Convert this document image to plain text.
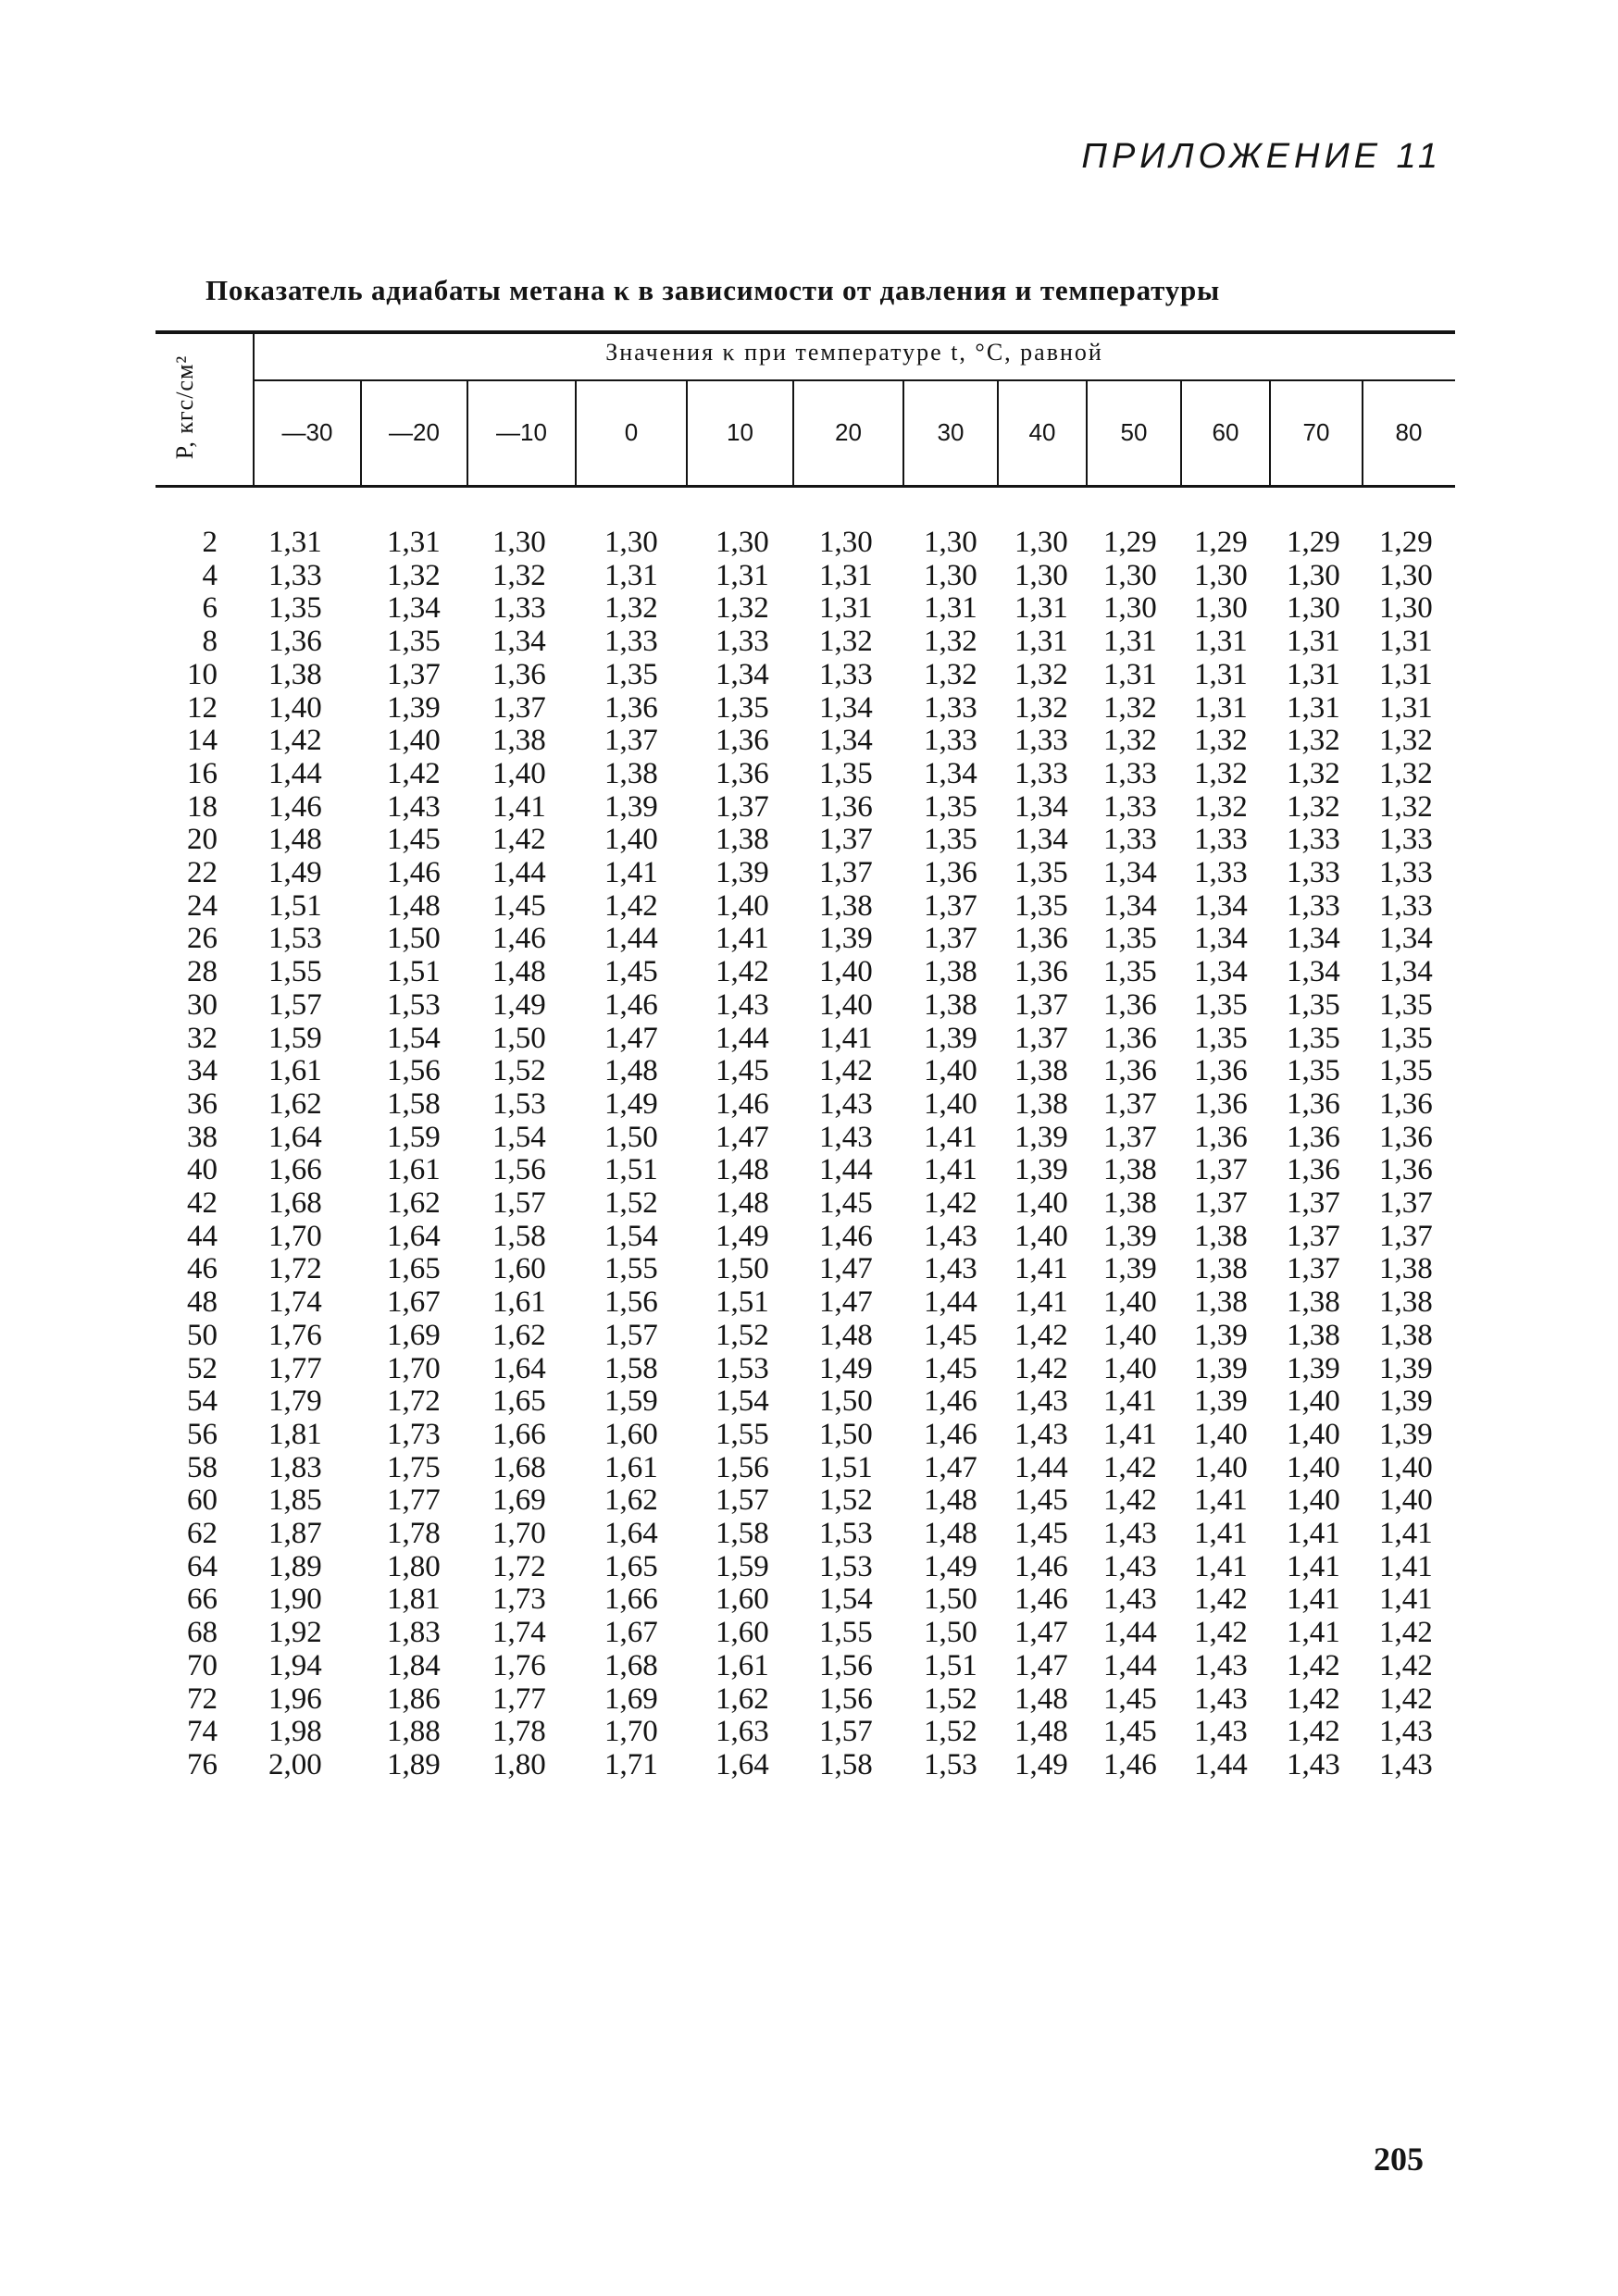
ПРИЛОЖЕНИЕ 11
Показатель адиабаты метана κ в зависимости от давления и температуры
P, кгс/см²
Значения κ при температуре t, °C, равной
—30	—20	—10	0	10	20	30	40	50	60	70	80
2 1,31 1,31 1,30 1,30 1,30 1,30 1,30 1,30 1,29 1,29 1,29 1,29
4 1,33 1,32 1,32 1,31 1,31 1,31 1,30 1,30 1,30 1,30 1,30 1,30
6 1,35 1,34 1,33 1,32 1,32 1,31 1,31 1,31 1,30 1,30 1,30 1,30
8 1,36 1,35 1,34 1,33 1,33 1,32 1,32 1,31 1,31 1,31 1,31 1,31
10 1,38 1,37 1,36 1,35 1,34 1,33 1,32 1,32 1,31 1,31 1,31 1,31
12 1,40 1,39 1,37 1,36 1,35 1,34 1,33 1,32 1,32 1,31 1,31 1,31
14 1,42 1,40 1,38 1,37 1,36 1,34 1,33 1,33 1,32 1,32 1,32 1,32
16 1,44 1,42 1,40 1,38 1,36 1,35 1,34 1,33 1,33 1,32 1,32 1,32
18 1,46 1,43 1,41 1,39 1,37 1,36 1,35 1,34 1,33 1,32 1,32 1,32
20 1,48 1,45 1,42 1,40 1,38 1,37 1,35 1,34 1,33 1,33 1,33 1,33
22 1,49 1,46 1,44 1,41 1,39 1,37 1,36 1,35 1,34 1,33 1,33 1,33
24 1,51 1,48 1,45 1,42 1,40 1,38 1,37 1,35 1,34 1,34 1,33 1,33
26 1,53 1,50 1,46 1,44 1,41 1,39 1,37 1,36 1,35 1,34 1,34 1,34
28 1,55 1,51 1,48 1,45 1,42 1,40 1,38 1,36 1,35 1,34 1,34 1,34
30 1,57 1,53 1,49 1,46 1,43 1,40 1,38 1,37 1,36 1,35 1,35 1,35
32 1,59 1,54 1,50 1,47 1,44 1,41 1,39 1,37 1,36 1,35 1,35 1,35
34 1,61 1,56 1,52 1,48 1,45 1,42 1,40 1,38 1,36 1,36 1,35 1,35
36 1,62 1,58 1,53 1,49 1,46 1,43 1,40 1,38 1,37 1,36 1,36 1,36
38 1,64 1,59 1,54 1,50 1,47 1,43 1,41 1,39 1,37 1,36 1,36 1,36
40 1,66 1,61 1,56 1,51 1,48 1,44 1,41 1,39 1,38 1,37 1,36 1,36
42 1,68 1,62 1,57 1,52 1,48 1,45 1,42 1,40 1,38 1,37 1,37 1,37
44 1,70 1,64 1,58 1,54 1,49 1,46 1,43 1,40 1,39 1,38 1,37 1,37
46 1,72 1,65 1,60 1,55 1,50 1,47 1,43 1,41 1,39 1,38 1,37 1,38
48 1,74 1,67 1,61 1,56 1,51 1,47 1,44 1,41 1,40 1,38 1,38 1,38
50 1,76 1,69 1,62 1,57 1,52 1,48 1,45 1,42 1,40 1,39 1,38 1,38
52 1,77 1,70 1,64 1,58 1,53 1,49 1,45 1,42 1,40 1,39 1,39 1,39
54 1,79 1,72 1,65 1,59 1,54 1,50 1,46 1,43 1,41 1,39 1,40 1,39
56 1,81 1,73 1,66 1,60 1,55 1,50 1,46 1,43 1,41 1,40 1,40 1,39
58 1,83 1,75 1,68 1,61 1,56 1,51 1,47 1,44 1,42 1,40 1,40 1,40
60 1,85 1,77 1,69 1,62 1,57 1,52 1,48 1,45 1,42 1,41 1,40 1,40
62 1,87 1,78 1,70 1,64 1,58 1,53 1,48 1,45 1,43 1,41 1,41 1,41
64 1,89 1,80 1,72 1,65 1,59 1,53 1,49 1,46 1,43 1,41 1,41 1,41
66 1,90 1,81 1,73 1,66 1,60 1,54 1,50 1,46 1,43 1,42 1,41 1,41
68 1,92 1,83 1,74 1,67 1,60 1,55 1,50 1,47 1,44 1,42 1,41 1,42
70 1,94 1,84 1,76 1,68 1,61 1,56 1,51 1,47 1,44 1,43 1,42 1,42
72 1,96 1,86 1,77 1,69 1,62 1,56 1,52 1,48 1,45 1,43 1,42 1,42
74 1,98 1,88 1,78 1,70 1,63 1,57 1,52 1,48 1,45 1,43 1,42 1,43
76 2,00 1,89 1,80 1,71 1,64 1,58 1,53 1,49 1,46 1,44 1,43 1,43
205
